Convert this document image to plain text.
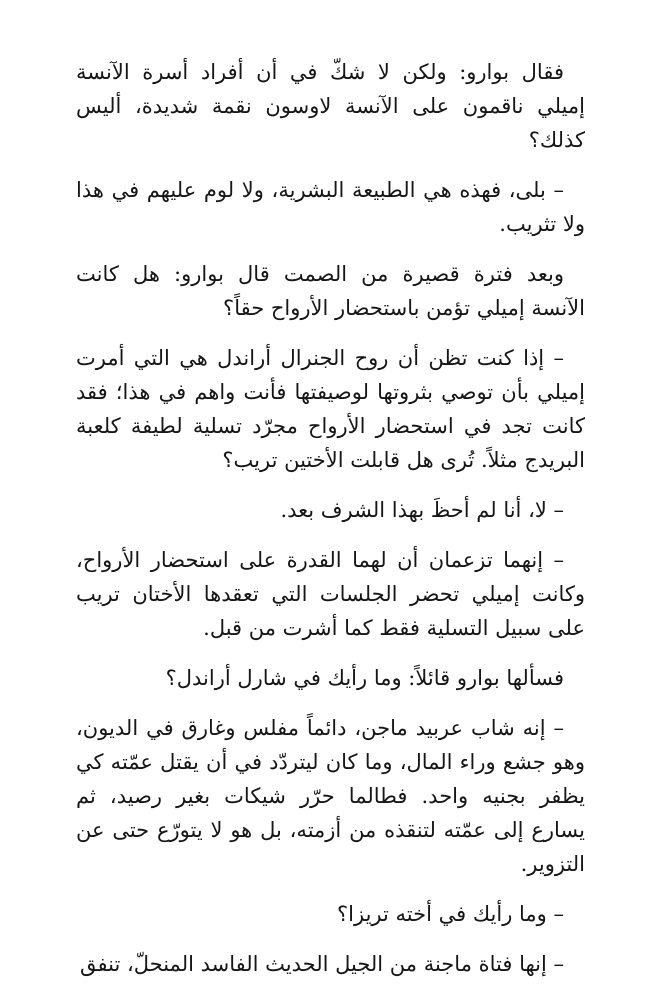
فقال بوارو: ولكن لا شكّ في أن أفراد أسرة الآنسة إميلي ناقمون على الآنسة لاوسون نقمة شديدة، أليس كذلك؟

– بلى، فهذه هي الطبيعة البشرية، ولا لوم عليهم في هذا ولا تثريب.

وبعد فترة قصيرة من الصمت قال بوارو: هل كانت الآنسة إميلي تؤمن باستحضار الأرواح حقاً؟

– إذا كنت تظن أن روح الجنرال أراندل هي التي أمرت إميلي بأن توصي بثروتها لوصيفتها فأنت واهم في هذا؛ فقد كانت تجد في استحضار الأرواح مجرّد تسلية لطيفة كلعبة البريدج مثلاً. تُرى هل قابلت الأختين تريب؟

– لا، أنا لم أحظَ بهذا الشرف بعد.

– إنهما تزعمان أن لهما القدرة على استحضار الأرواح، وكانت إميلي تحضر الجلسات التي تعقدها الأختان تريب على سبيل التسلية فقط كما أشرت من قبل.

فسألها بوارو قائلاً: وما رأيك في شارل أراندل؟

– إنه شاب عربيد ماجن، دائماً مفلس وغارق في الديون، وهو جشع وراء المال، وما كان ليتردّد في أن يقتل عمّته كي يظفر بجنيه واحد. فطالما حرّر شيكات بغير رصيد، ثم يسارع إلى عمّته لتنقذه من أزمته، بل هو لا يتورّع حتى عن التزوير.

– وما رأيك في أخته تريزا؟

– إنها فتاة ماجنة من الجيل الحديث الفاسد المنحلّ، تنفق
